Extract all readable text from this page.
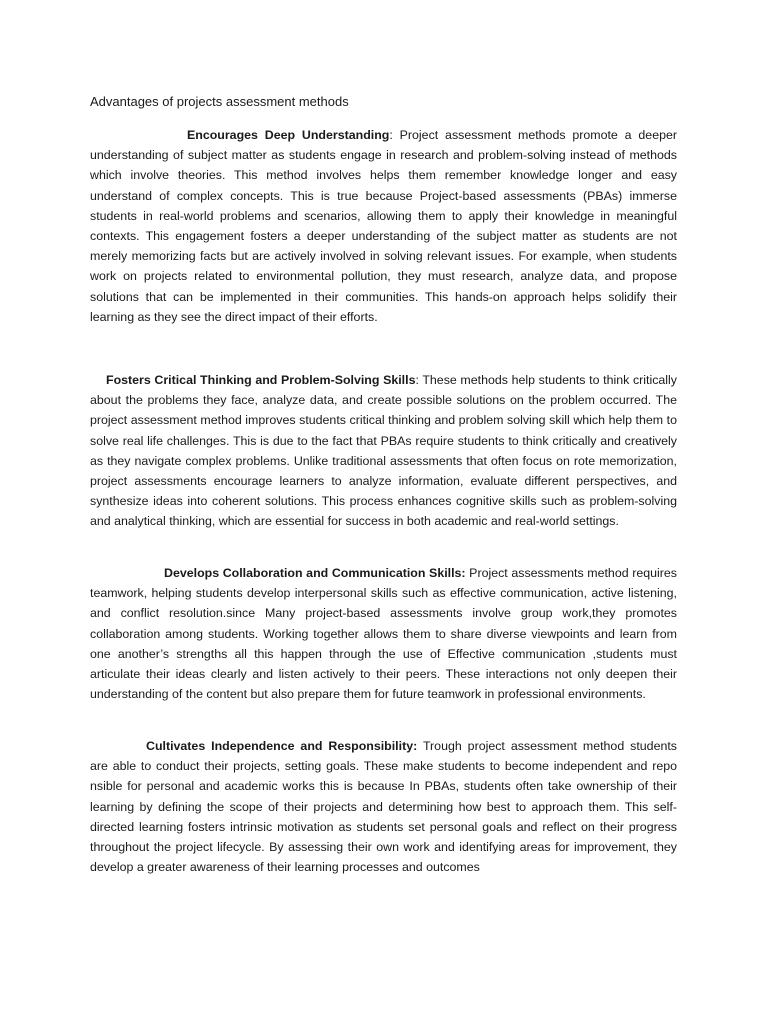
Advantages of projects assessment methods

Encourages Deep Understanding: Project assessment methods promote a deeper understanding of subject matter as students engage in research and problem-solving instead of methods which involve theories. This method involves helps them remember knowledge longer and easy understand of complex concepts. This is true because Project-based assessments (PBAs) immerse students in real-world problems and scenarios, allowing them to apply their knowledge in meaningful contexts. This engagement fosters a deeper understanding of the subject matter as students are not merely memorizing facts but are actively involved in solving relevant issues. For example, when students work on projects related to environmental pollution, they must research, analyze data, and propose solutions that can be implemented in their communities. This hands-on approach helps solidify their learning as they see the direct impact of their efforts.

Fosters Critical Thinking and Problem-Solving Skills: These methods help students to think critically about the problems they face, analyze data, and create possible solutions on the problem occurred. The project assessment method improves students critical thinking and problem solving skill which help them to solve real life challenges. This is due to the fact that PBAs require students to think critically and creatively as they navigate complex problems. Unlike traditional assessments that often focus on rote memorization, project assessments encourage learners to analyze information, evaluate different perspectives, and synthesize ideas into coherent solutions. This process enhances cognitive skills such as problem-solving and analytical thinking, which are essential for success in both academic and real-world settings.

Develops Collaboration and Communication Skills: Project assessments method requires teamwork, helping students develop interpersonal skills such as effective communication, active listening, and conflict resolution.since Many project-based assessments involve group work,they promotes collaboration among students. Working together allows them to share diverse viewpoints and learn from one another’s strengths all this happen through the use of Effective communication ,students must articulate their ideas clearly and listen actively to their peers. These interactions not only deepen their understanding of the content but also prepare them for future teamwork in professional environments.

Cultivates Independence and Responsibility: Trough project assessment method students are able to conduct their projects, setting goals. These make students to become independent and repo nsible for personal and academic works this is because In PBAs, students often take ownership of their learning by defining the scope of their projects and determining how best to approach them. This self-directed learning fosters intrinsic motivation as students set personal goals and reflect on their progress throughout the project lifecycle. By assessing their own work and identifying areas for improvement, they develop a greater awareness of their learning processes and outcomes
